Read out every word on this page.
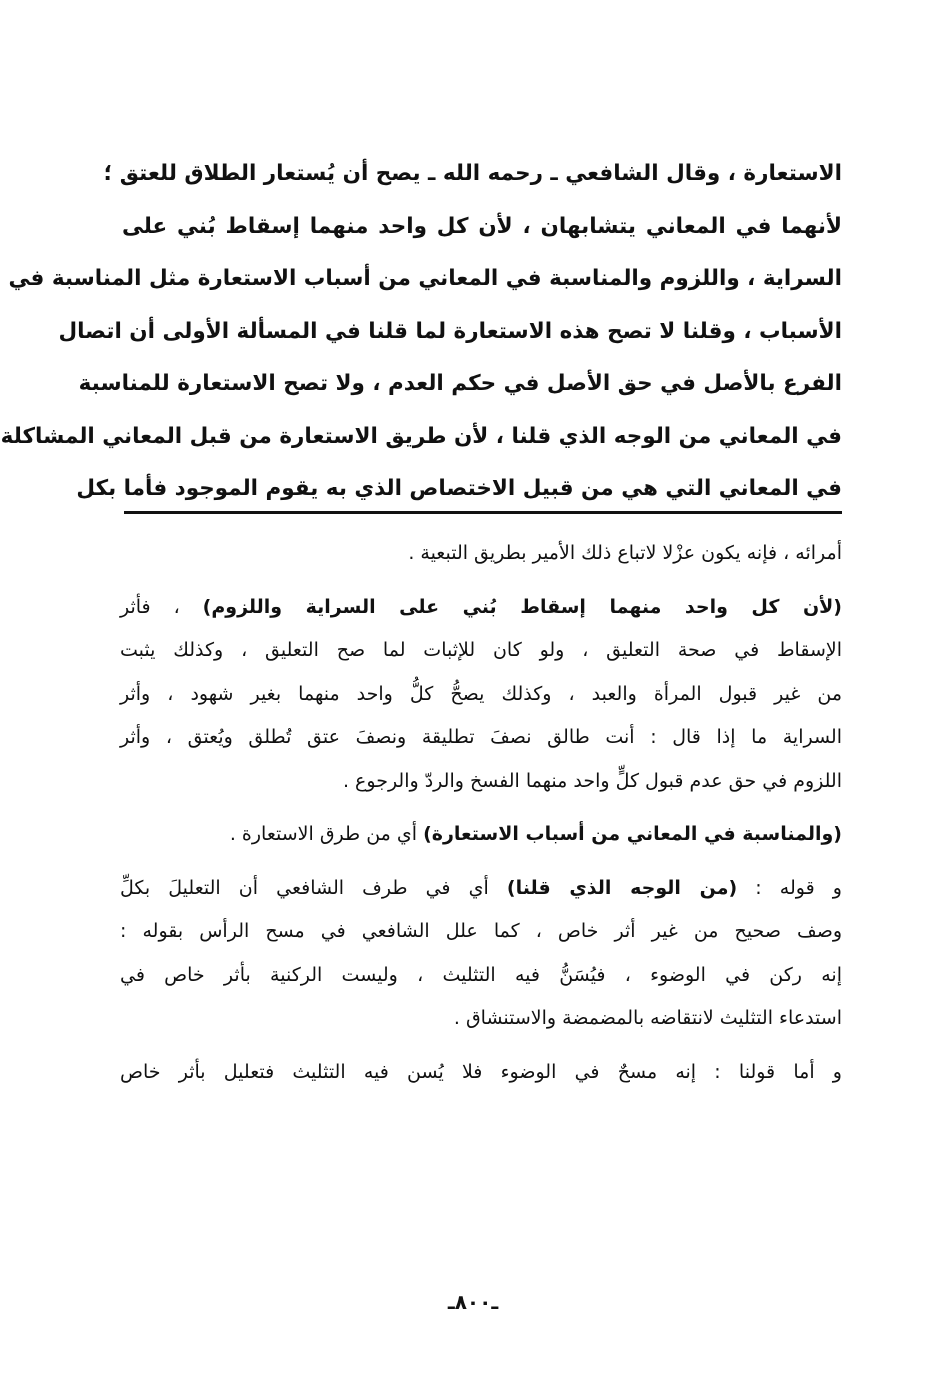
الاستعارة ، وقال الشافعي ـ رحمه الله ـ يصح أن يُستعار الطلاق للعتق ؛
لأنهما في المعاني يتشابهان ، لأن كل واحد منهما إسقاط بُني على
السراية ، واللزوم والمناسبة في المعاني من أسباب الاستعارة مثل المناسبة في
الأسباب ، وقلنا لا تصح هذه الاستعارة لما قلنا في المسألة الأولى أن اتصال
الفرع بالأصل في حق الأصل في حكم العدم ، ولا تصح الاستعارة للمناسبة
في المعاني من الوجه الذي قلنا ، لأن طريق الاستعارة من قبل المعاني المشاكلة
في المعاني التي هي من قبيل الاختصاص الذي به يقوم الموجود فأما بكل
أمرائه ، فإنه يكون عزْلا لاتباع ذلك الأمير بطريق التبعية .
(لأن كل واحد منهما إسقاط بُني على السراية واللزوم) ، فأثر
الإسقاط في صحة التعليق ، ولو كان للإثبات لما صح التعليق ، وكذلك يثبت
من غير قبول المرأة والعبد ، وكذلك يصحُّ كلُّ واحد منهما بغير شهود ، وأثر
السراية ما إذا قال : أنت طالق نصفَ تطليقة ونصفَ عتق تُطلق ويُعتق ، وأثر
اللزوم في حق عدم قبول كلٍّ واحد منهما الفسخ والردّ والرجوع .
(والمناسبة في المعاني من أسباب الاستعارة) أي من طرق الاستعارة .
و قوله : (من الوجه الذي قلنا) أي في طرف الشافعي أن التعليلَ بكلِّ
وصف صحيح من غير أثر خاص ، كما علل الشافعي في مسح الرأس بقوله :
إنه ركن في الوضوء ، فيُسَنُّ فيه التثليث ، وليست الركنية بأثر خاص في
استدعاء التثليث لانتقاضه بالمضمضة والاستنشاق .
و أما قولنا : إنه مسحٌ في الوضوء فلا يُسن فيه التثليث فتعليل بأثر خاص
ـ٨٠٠ـ
